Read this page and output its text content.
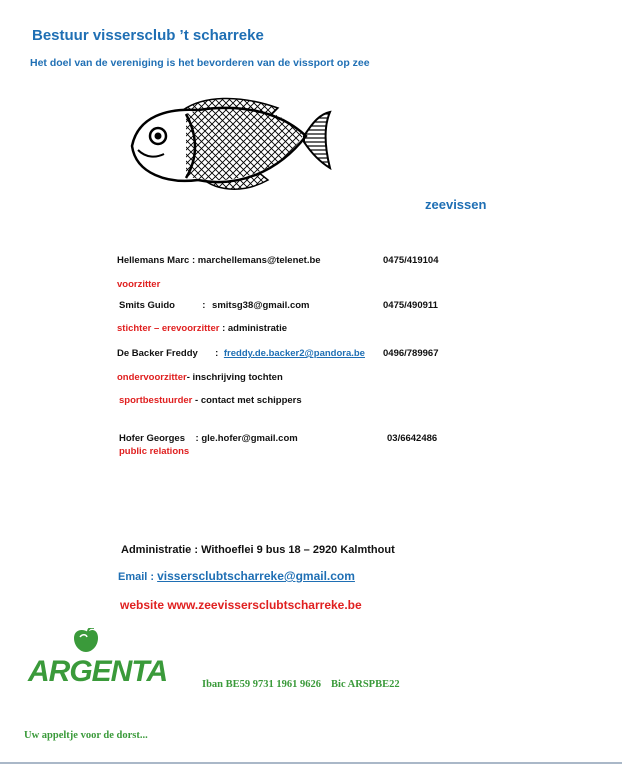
Bestuur vissersclub ’t scharreke
Het doel van de vereniging is het bevorderen van de vissport op zee
zeevissen
Hellemans Marc : marchellemans@telenet.be	0475/419104
voorzitter
Smits Guido	: smitsg38@gmail.com	0475/490911
stichter – erevoorzitter : administratie
De Backer Freddy : freddy.de.backer2@pandora.be 0496/789967
ondervoorzitter- inschrijving tochten
sportbestuurder - contact met schippers
Hofer Georges    : gle.hofer@gmail.com	03/6642486
public relations
Administratie : Withoeflei 9 bus 18 – 2920 Kalmthout
Email : vissersclubtscharreke@gmail.com
website www.zeevissersclubtscharreke.be
ARGENTA	Iban BE59 9731 1961 9626 Bic ARSPBE22
Uw appeltje voor de dorst...
